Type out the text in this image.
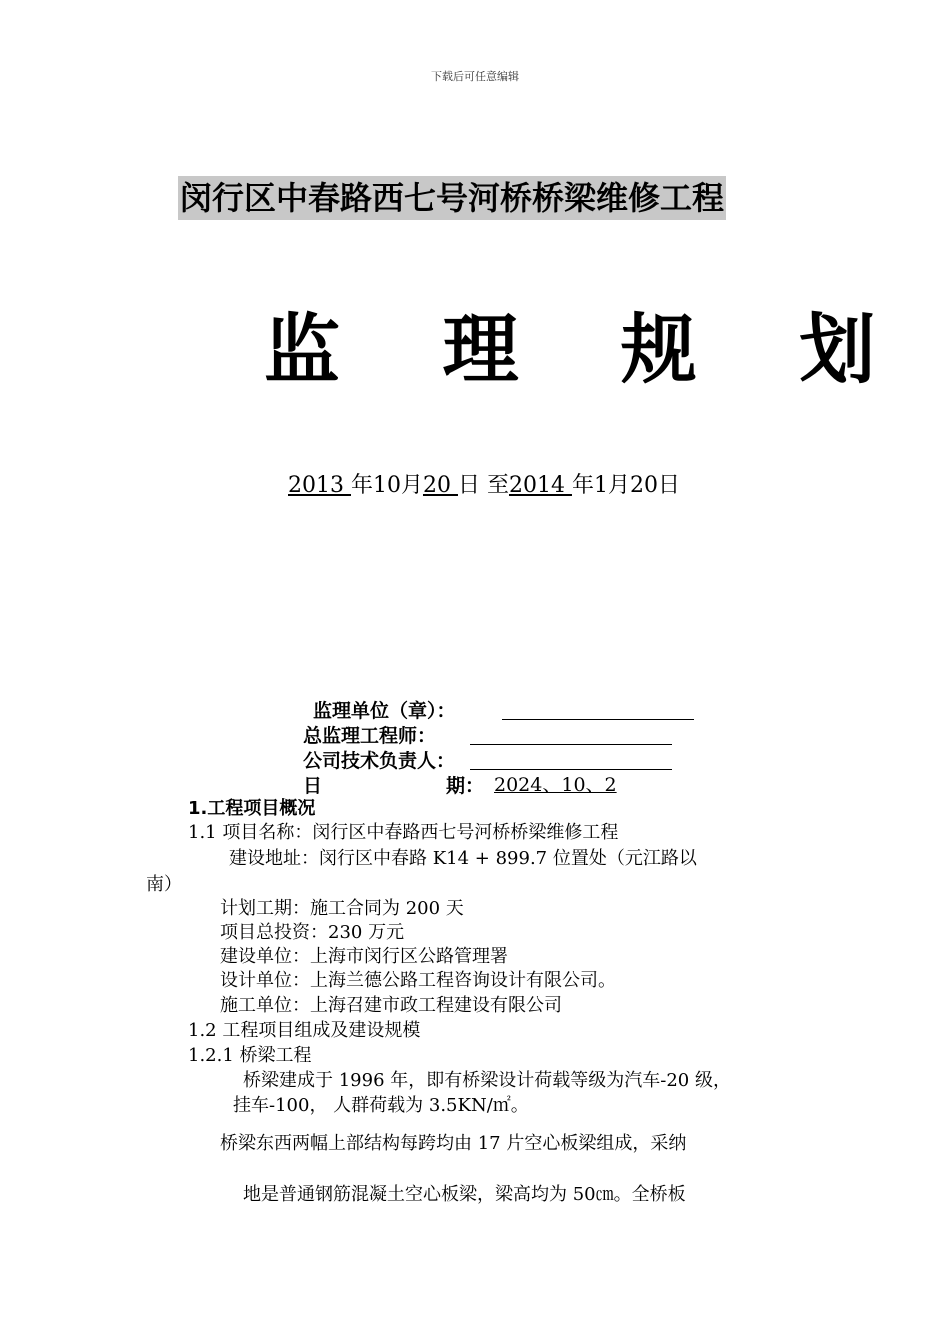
下载后可任意编辑
闵行区中春路西七号河桥桥梁维修工程
监 理 规 划
2013 年10月20 日 至2014 年1月20日
监理单位（章）：
总监理工程师：
公司技术负责人：
日	期： 2024、10、2
1.工程项目概况
1.1 项目名称：闵行区中春路西七号河桥桥梁维修工程
建设地址：闵行区中春路 K14 + 899.7 位置处（元江路以
南）
计划工期：施工合同为 200 天
项目总投资：230 万元
建设单位：上海市闵行区公路管理署
设计单位：上海兰德公路工程咨询设计有限公司。
施工单位：上海召建市政工程建设有限公司
1.2 工程项目组成及建设规模
1.2.1 桥梁工程
桥梁建成于 1996 年，即有桥梁设计荷载等级为汽车-20 级，
挂车-100， 人群荷载为 3.5KN/㎡。
桥梁东西两幅上部结构每跨均由 17 片空心板梁组成，采纳
地是普通钢筋混凝土空心板梁，梁高均为 50㎝。全桥板
